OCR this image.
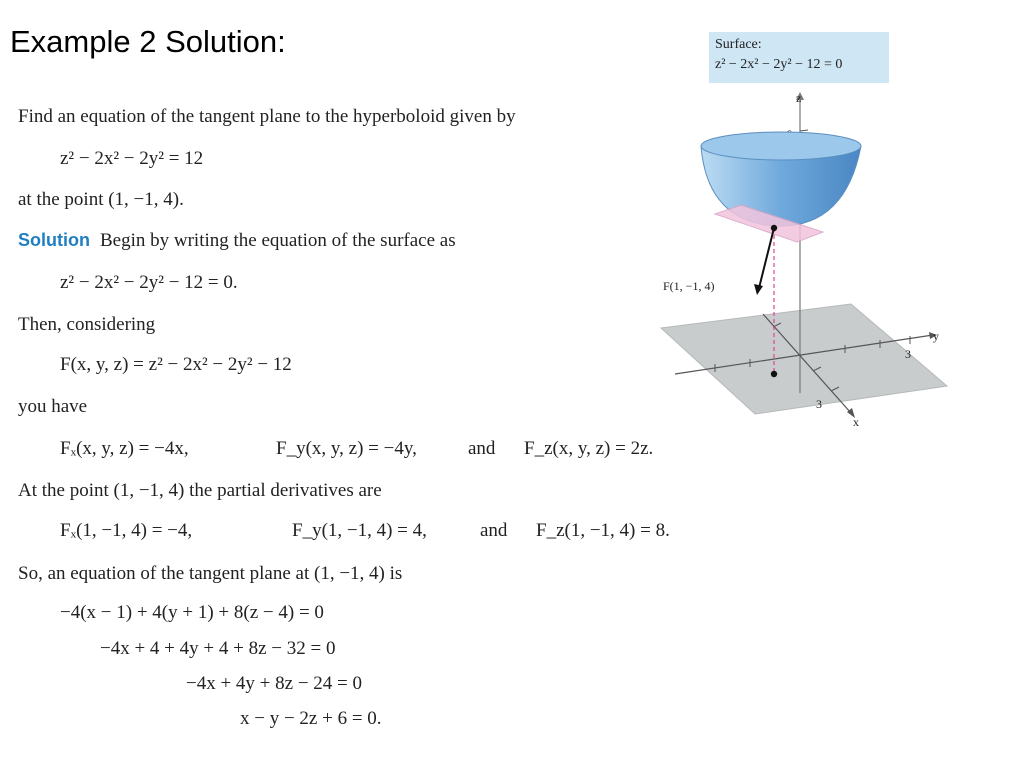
Example 2 Solution:
Find an equation of the tangent plane to the hyperboloid given by
z² − 2x² − 2y² = 12
at the point (1, −1, 4).
Solution Begin by writing the equation of the surface as
z² − 2x² − 2y² − 12 = 0.
Then, considering
F(x, y, z) = z² − 2x² − 2y² − 12
you have
Fₓ(x, y, z) = −4x,	F_y(x, y, z) = −4y,	and F_z(x, y, z) = 2z.
At the point (1, −1, 4) the partial derivatives are
Fₓ(1, −1, 4) = −4,	F_y(1, −1, 4) = 4,	and F_z(1, −1, 4) = 8.
So, an equation of the tangent plane at (1, −1, 4) is
−4(x − 1) + 4(y + 1) + 8(z − 4) = 0
−4x + 4 + 4y + 4 + 8z − 32 = 0
−4x + 4y + 8z − 24 = 0
x − y − 2z + 6 = 0.
Surface:
z² − 2x² − 2y² − 12 = 0
z
y
3
x
3
F(1, −1, 4)
